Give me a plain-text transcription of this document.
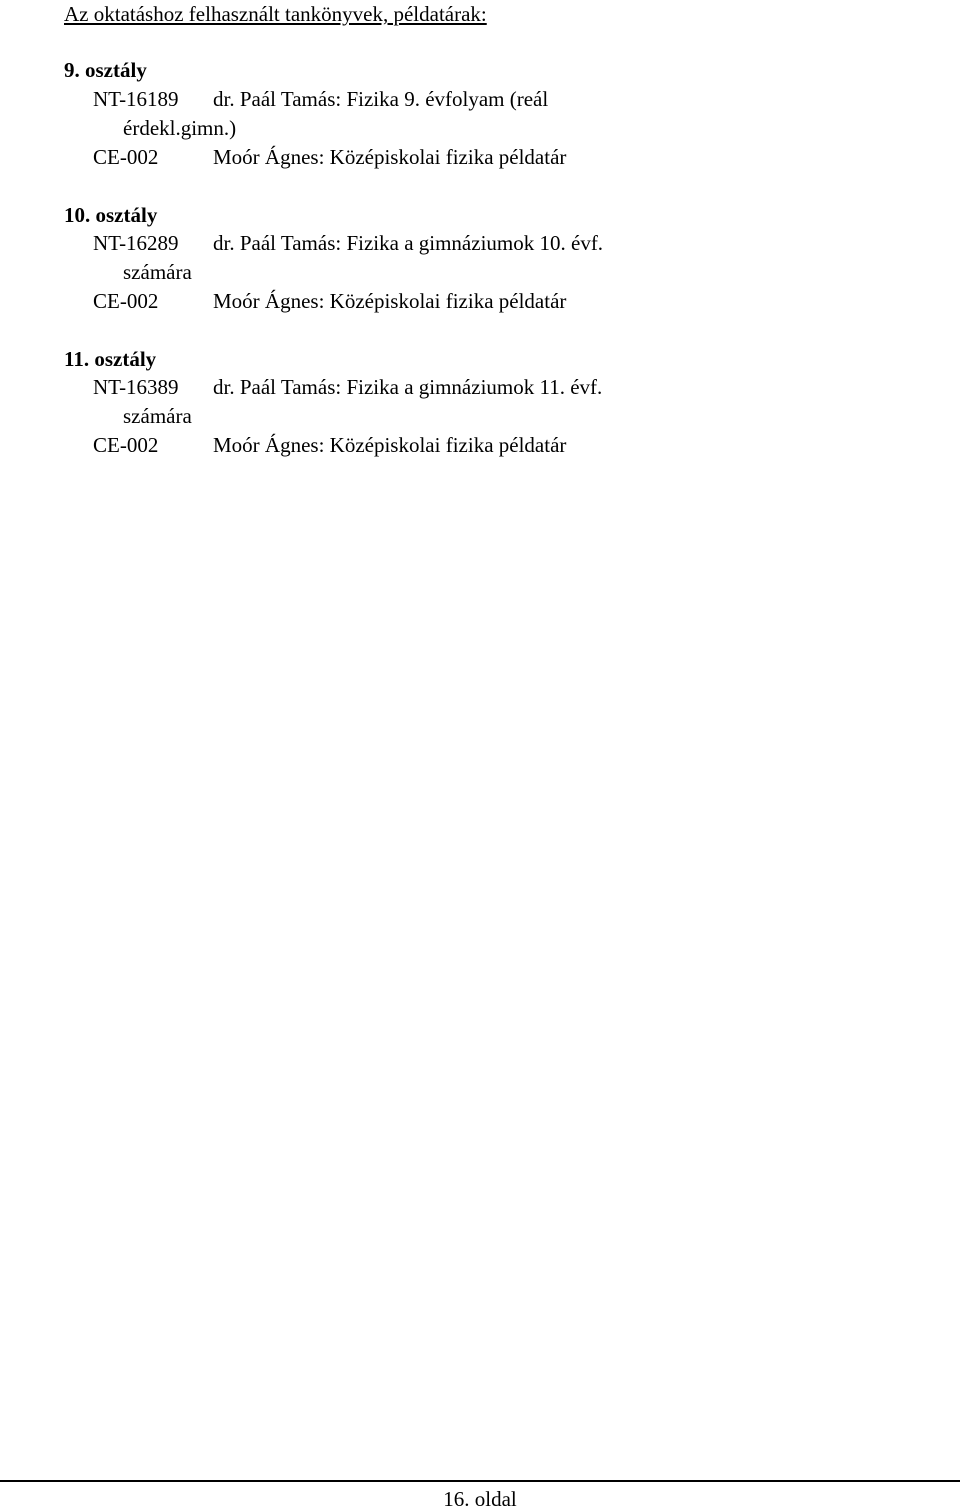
Az oktatáshoz felhasznált tankönyvek, példatárak:
9. osztály
NT-16189 dr. Paál Tamás: Fizika 9. évfolyam (reál
érdekl.gimn.)
CE-002	Moór Ágnes: Középiskolai fizika példatár
10. osztály
NT-16289 dr. Paál Tamás: Fizika a gimnáziumok 10. évf.
számára
CE-002	Moór Ágnes: Középiskolai fizika példatár
11. osztály
NT-16389 dr. Paál Tamás: Fizika a gimnáziumok 11. évf.
számára
CE-002	Moór Ágnes: Középiskolai fizika példatár
16. oldal
